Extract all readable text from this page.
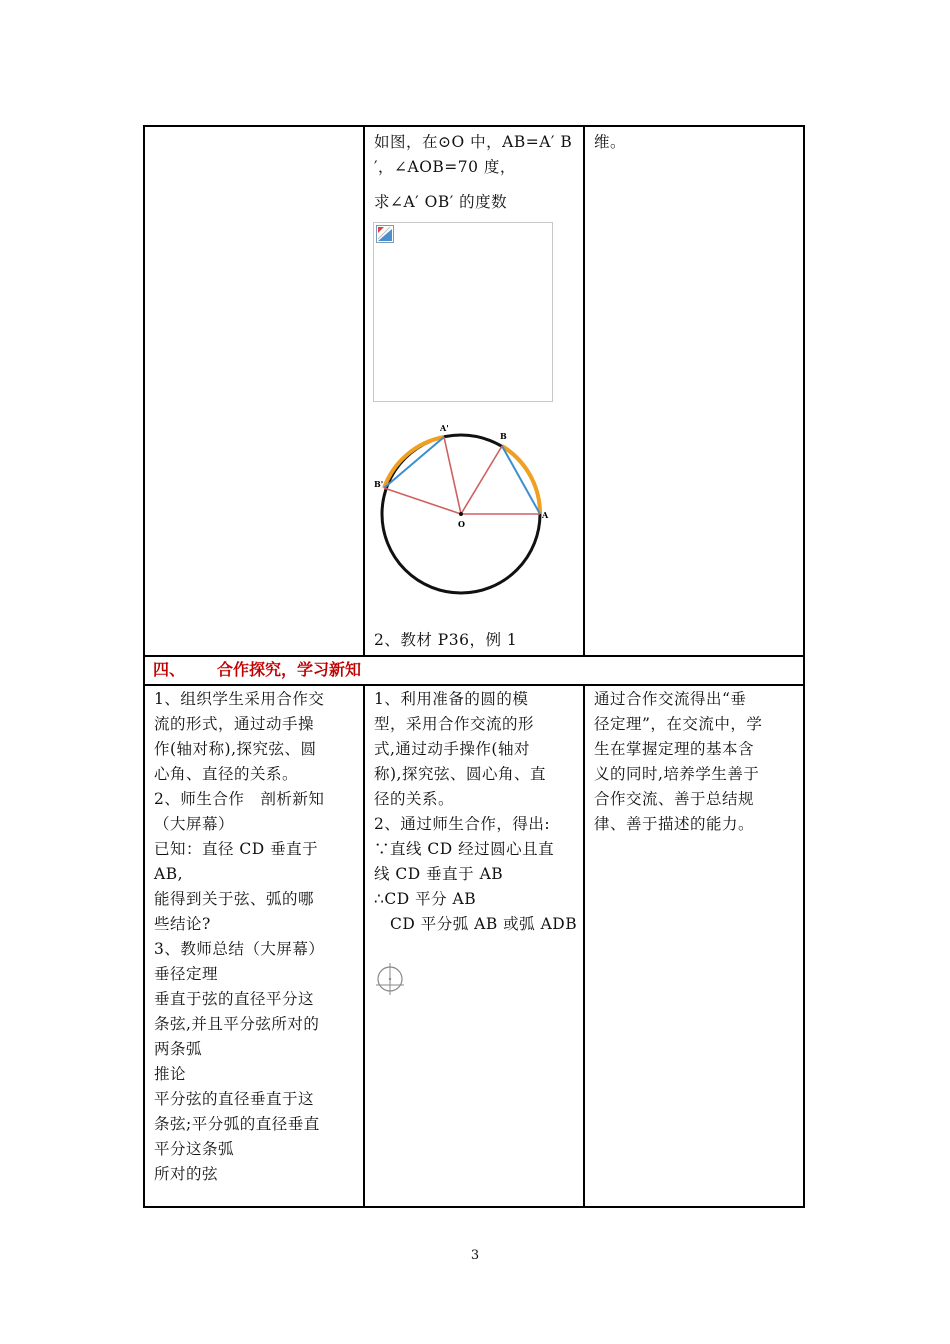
如图，在⊙O 中，AB=A′ B

′，∠AOB=70 度，

求∠A′ OB′ 的度数

A'
B
B'
O
A

2、教材 P36，例 1

维。

四、 合作探究，学习新知

1、组织学生采用合作交

流的形式，通过动手操

作(轴对称),探究弦、圆

心角、直径的关系。

2、师生合作　剖析新知

（大屏幕）

已知：直径 CD 垂直于

AB,

能得到关于弦、弧的哪

些结论?

3、教师总结（大屏幕）

垂径定理

垂直于弦的直径平分这

条弦,并且平分弦所对的

两条弧

推论

平分弦的直径垂直于这

条弦;平分弧的直径垂直

平分这条弧

所对的弦

1、利用准备的圆的模

型，采用合作交流的形

式,通过动手操作(轴对

称),探究弦、圆心角、直

径的关系。

2、通过师生合作，得出:

∵直线 CD 经过圆心且直

线 CD 垂直于 AB

∴CD 平分 AB

　CD 平分弧 AB 或弧 ADB

通过合作交流得出“垂

径定理”，在交流中，学

生在掌握定理的基本含

义的同时,培养学生善于

合作交流、善于总结规

律、善于描述的能力。

3
